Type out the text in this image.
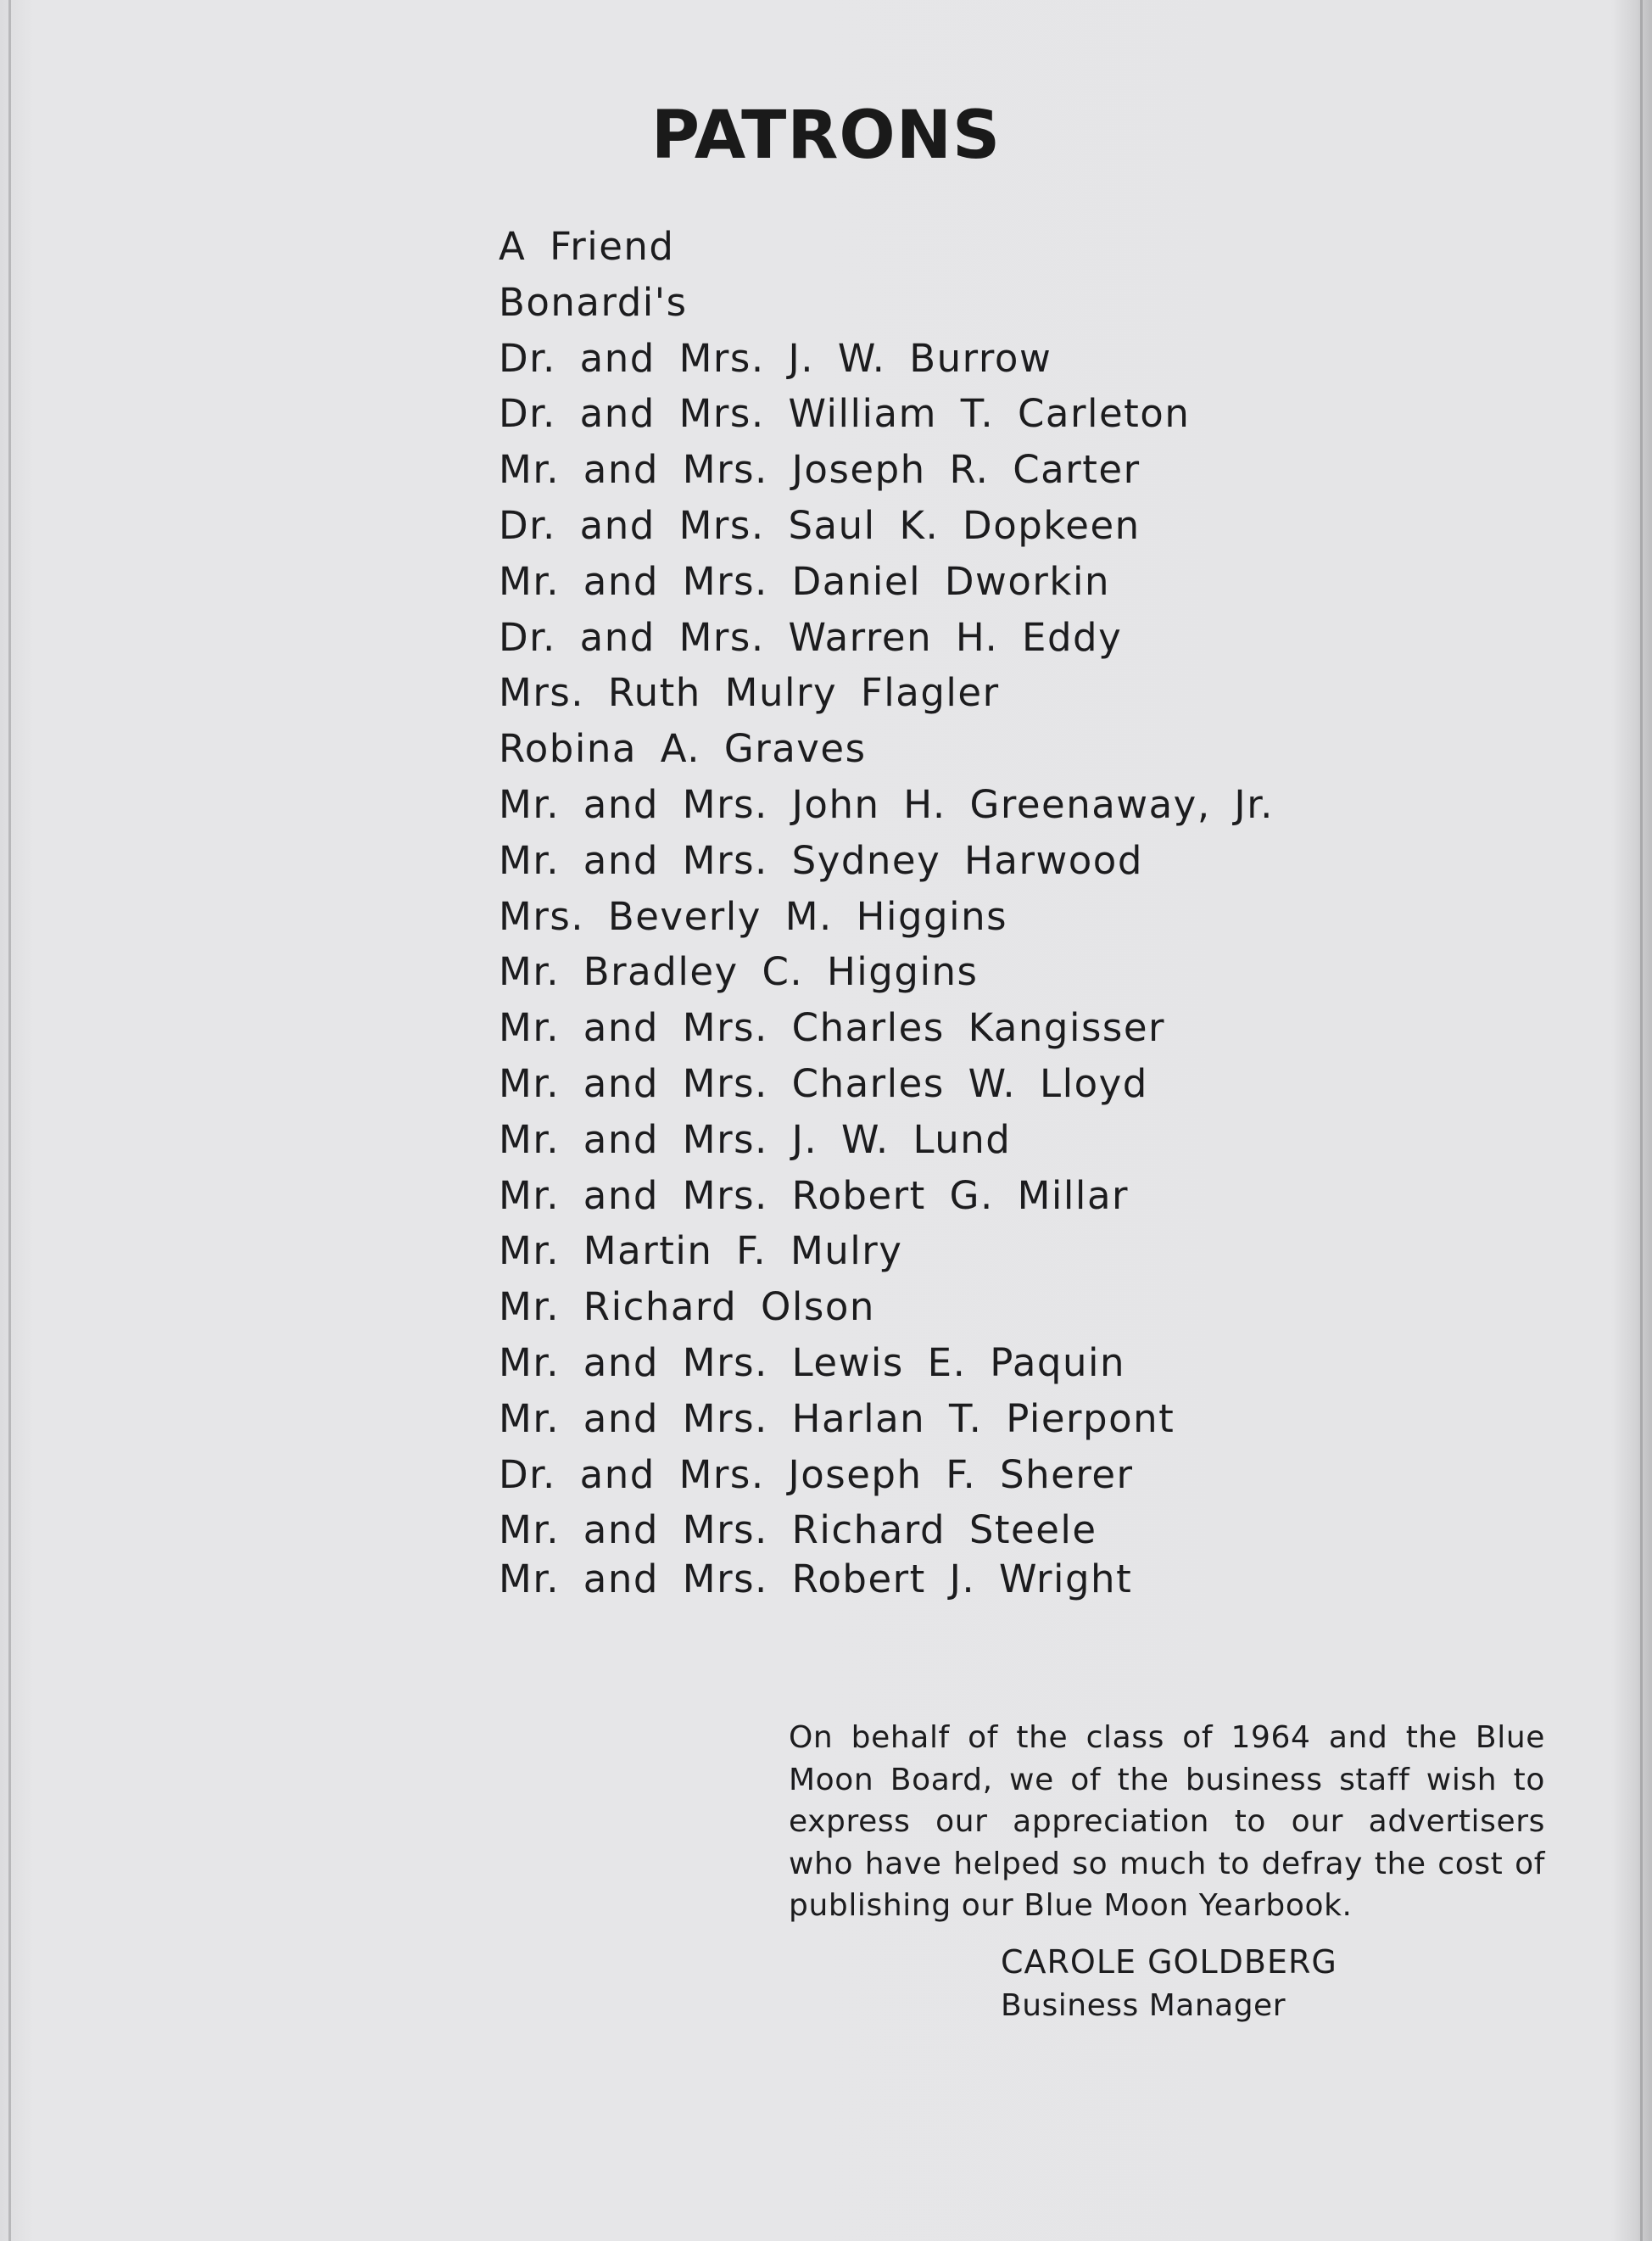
PATRONS
A Friend
Bonardi's
Dr. and Mrs. J. W. Burrow
Dr. and Mrs. William T. Carleton
Mr. and Mrs. Joseph R. Carter
Dr. and Mrs. Saul K. Dopkeen
Mr. and Mrs. Daniel Dworkin
Dr. and Mrs. Warren H. Eddy
Mrs. Ruth Mulry Flagler
Robina A. Graves
Mr. and Mrs. John H. Greenaway, Jr.
Mr. and Mrs. Sydney Harwood
Mrs. Beverly M. Higgins
Mr. Bradley C. Higgins
Mr. and Mrs. Charles Kangisser
Mr. and Mrs. Charles W. Lloyd
Mr. and Mrs. J. W. Lund
Mr. and Mrs. Robert G. Millar
Mr. Martin F. Mulry
Mr. Richard Olson
Mr. and Mrs. Lewis E. Paquin
Mr. and Mrs. Harlan T. Pierpont
Dr. and Mrs. Joseph F. Sherer
Mr. and Mrs. Richard Steele
Mr. and Mrs. Robert J. Wright

On behalf of the class of 1964 and the Blue Moon Board, we of the business staff wish to express our appreciation to our advertisers who have helped so much to defray the cost of publishing our Blue Moon Yearbook.

CAROLE GOLDBERG

Business Manager
